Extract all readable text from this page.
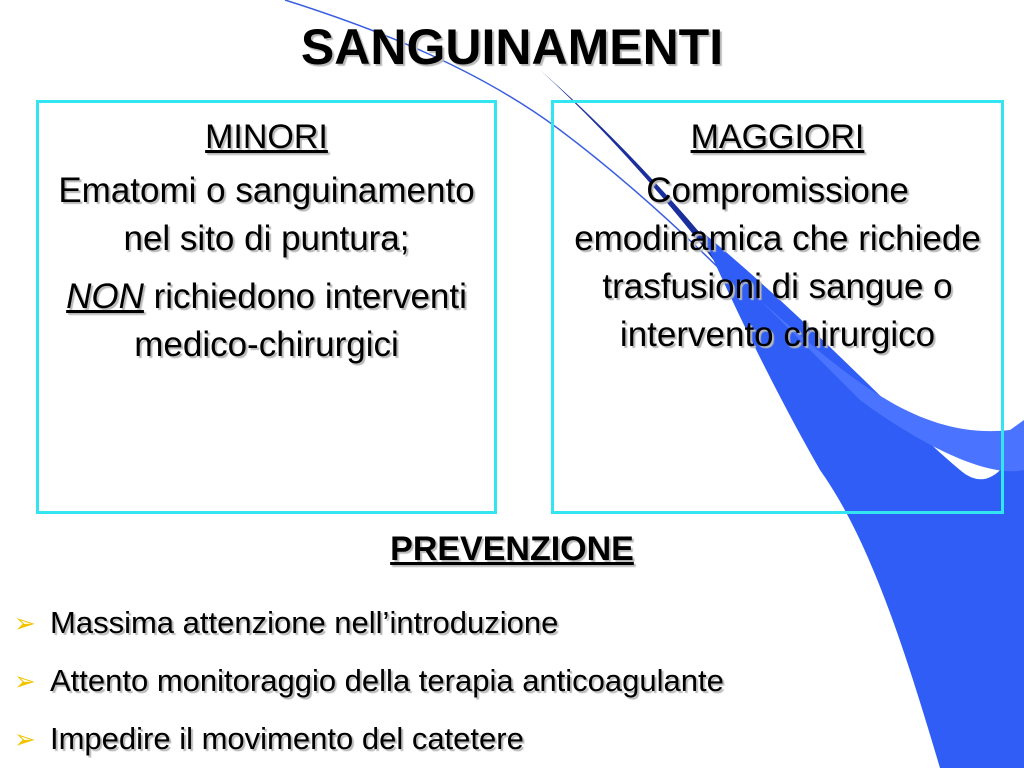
SANGUINAMENTI

MINORI

Ematomi o sanguinamento nel sito di puntura;

NON richiedono interventi medico-chirurgici

MAGGIORI

Compromissione emodinamica che richiede trasfusioni di sangue o intervento chirurgico

PREVENZIONE

➢ Massima attenzione nell’introduzione
➢ Attento monitoraggio della terapia anticoagulante
➢ Impedire il movimento del catetere
